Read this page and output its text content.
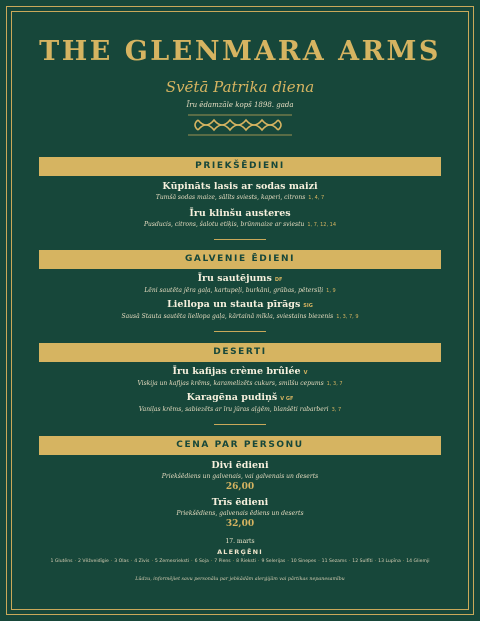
THE GLENMARA ARMS
Svētā Patrika diena
Īru ēdamzāle kopš 1898. gada
PRIEKŠĒDIENI
Kūpināts lasis ar sodas maizi
Tumšā sodas maize, sālīts sviests, kaperi, citrons 1, 4, 7
Īru klinšu austeres
Pusducis, citrons, šalotu etiķis, brūnmaize ar sviestu 1, 7, 12, 14
GALVENIE ĒDIENI
Īru sautējums DF
Lēni sautēta jēra gaļa, kartupeļi, burkāni, grūbas, pētersīļi 1, 9
Liellopa un stauta pīrāgs SIG
Sausā Stauta sautēta liellopa gaļa, kārtainā mīkla, sviestains biezenis 1, 3, 7, 9
DESERTI
Īru kafijas crème brûlée V
Viskija un kafijas krēms, karamelizēts cukurs, smilšu cepums 1, 3, 7
Karagēna pudiņš V GF
Vaniļas krēms, sabiezēts ar īru jūras aļģēm, blanšēti rabarberi 3, 7
CENA PAR PERSONU
Divi ēdieni
Priekšēdiens un galvenais, vai galvenais un deserts
26,00
Trīs ēdieni
Priekšēdiens, galvenais ēdiens un deserts
32,00
17. marts
ALERĢĒNI
1 Glutēns · 2 Vēžveidīgie · 3 Olas · 4 Zivis · 5 Zemesrieksti · 6 Soja · 7 Piens · 8 Rieksti · 9 Selerijas · 10 Sinepes · 11 Sezams · 12 Sulfīti · 13 Lupīna · 14 Gliemji
Lūdzu, informējiet savu personālu par jebkādām alerģijām vai pārtikas nepanesamību
